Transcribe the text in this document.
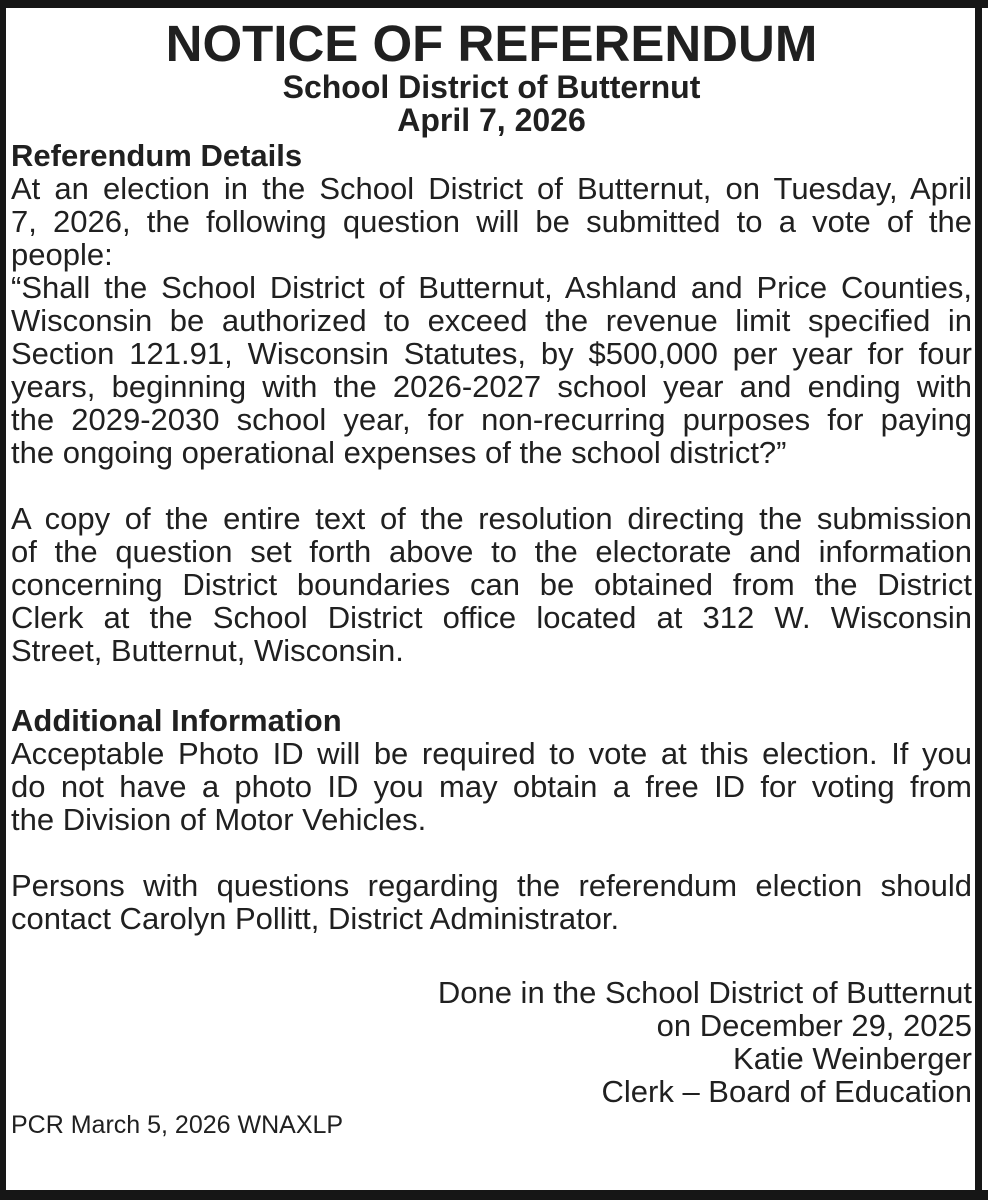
NOTICE OF REFERENDUM
School District of Butternut
April 7, 2026
Referendum Details
At an election in the School District of Butternut, on Tuesday, April
7, 2026, the following question will be submitted to a vote of the
people:
“Shall the School District of Butternut, Ashland and Price Counties,
Wisconsin be authorized to exceed the revenue limit specified in
Section 121.91, Wisconsin Statutes, by $500,000 per year for four
years, beginning with the 2026-2027 school year and ending with
the 2029-2030 school year, for non-recurring purposes for paying
the ongoing operational expenses of the school district?”
A copy of the entire text of the resolution directing the submission
of the question set forth above to the electorate and information
concerning District boundaries can be obtained from the District
Clerk at the School District office located at 312 W. Wisconsin
Street, Butternut, Wisconsin.
Additional Information
Acceptable Photo ID will be required to vote at this election. If you
do not have a photo ID you may obtain a free ID for voting from
the Division of Motor Vehicles.
Persons with questions regarding the referendum election should
contact Carolyn Pollitt, District Administrator.
Done in the School District of Butternut
on December 29, 2025
Katie Weinberger
Clerk – Board of Education
PCR March 5, 2026 WNAXLP
